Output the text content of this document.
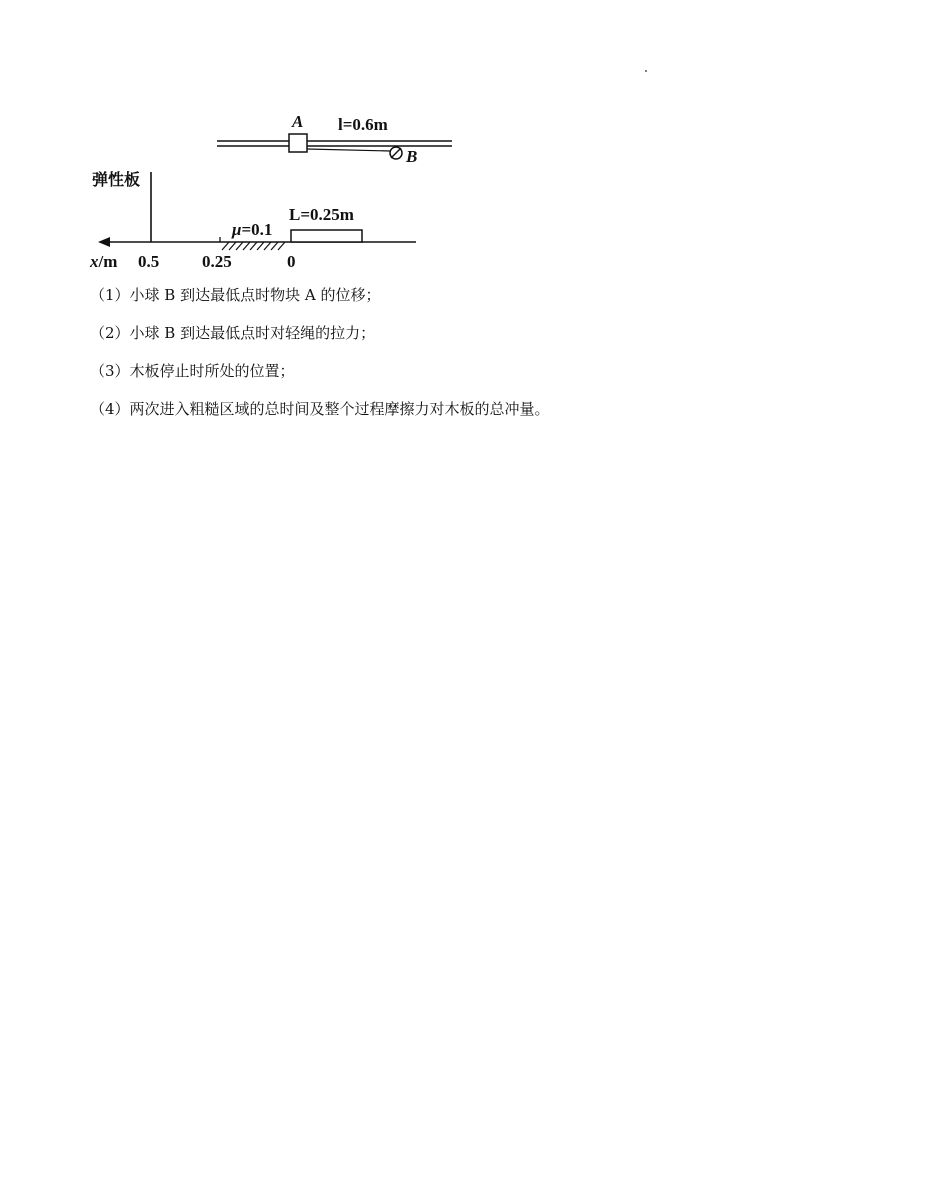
A l=0.6m
B
弹性板
μ=0.1
L=0.25m
x/m 0.5	0.25	0

（1）小球 B 到达最低点时物块 A 的位移；

（2）小球 B 到达最低点时对轻绳的拉力；

（3）木板停止时所处的位置；

（4）两次进入粗糙区域的总时间及整个过程摩擦力对木板的总冲量。
